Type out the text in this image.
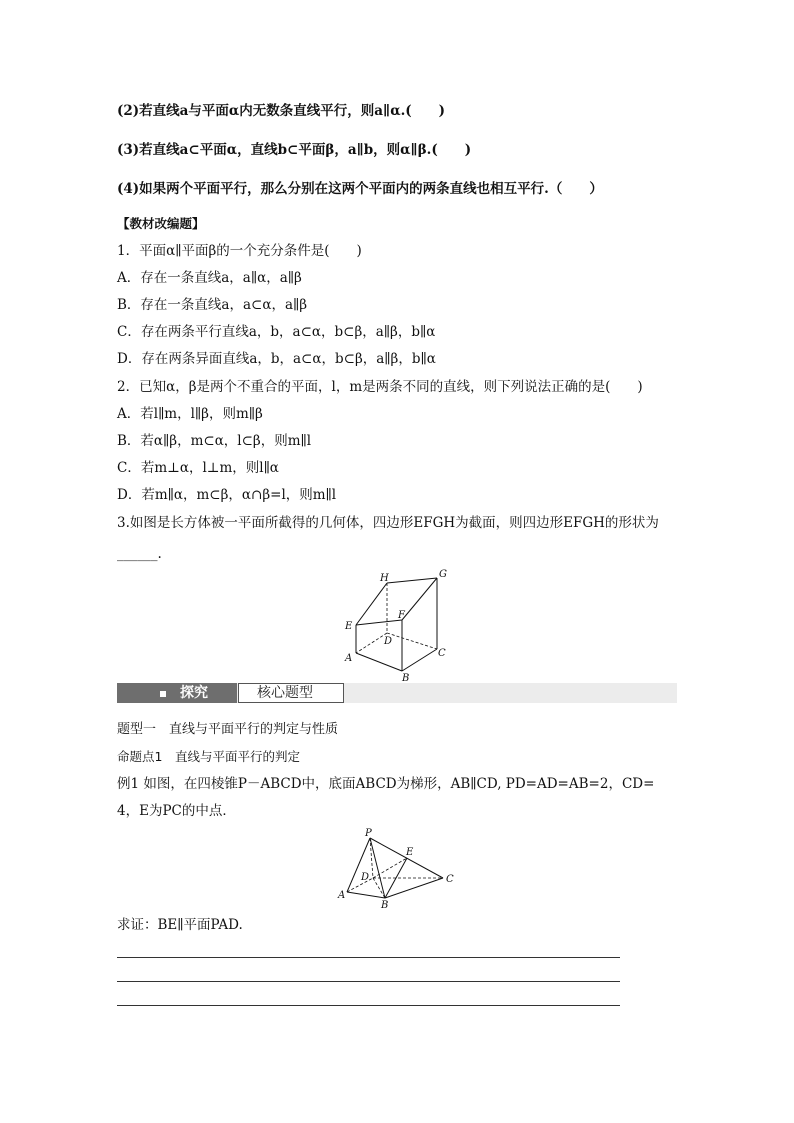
(2)若直线a与平面α内无数条直线平行，则a∥α.(　　)
(3)若直线a⊂平面α，直线b⊂平面β，a∥b，则α∥β.(　　)
(4)如果两个平面平行，那么分别在这两个平面内的两条直线也相互平行.（　　）
【教材改编题】
1．平面α∥平面β的一个充分条件是(　　)
A．存在一条直线a，a∥α，a∥β
B．存在一条直线a，a⊂α，a∥β
C．存在两条平行直线a，b，a⊂α，b⊂β，a∥β，b∥α
D．存在两条异面直线a，b，a⊂α，b⊂β，a∥β，b∥α
2．已知α，β是两个不重合的平面，l，m是两条不同的直线，则下列说法正确的是(　　)
A．若l∥m，l∥β，则m∥β
B．若α∥β，m⊂α，l⊂β，则m∥l
C．若m⊥α，l⊥m，则l∥α
D．若m∥α，m⊂β，α∩β=l，则m∥l
3.如图是长方体被一平面所截得的几何体，四边形EFGH为截面，则四边形EFGH的形状为
______.
H	G
F
E
D
A
B
C
探究	核心题型
题型一　直线与平面平行的判定与性质
命题点1　直线与平面平行的判定
例1 如图，在四棱锥P－ABCD中，底面ABCD为梯形，AB∥CD, PD=AD=AB=2，CD=
4，E为PC的中点．
P
E
D	C
A
B
求证：BE∥平面PAD.
